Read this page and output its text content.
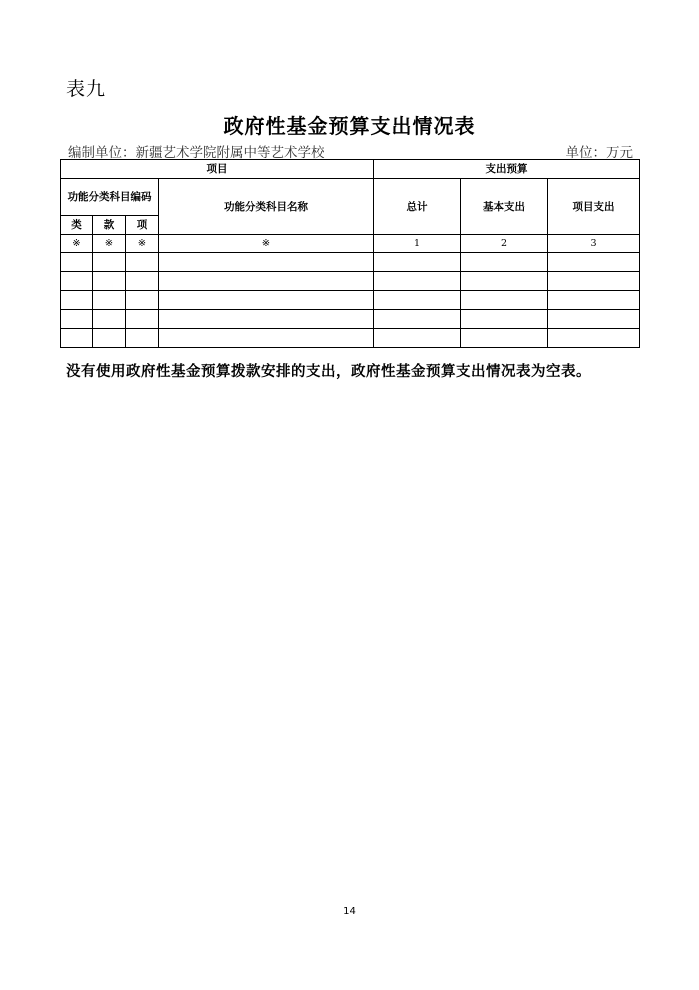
表九
政府性基金预算支出情况表
编制单位：新疆艺术学院附属中等艺术学校	单位：万元
项目				支出预算		
功能分类科目编码			功能分类科目名称	总计	基本支出	项目支出
类	款	项				
※	※	※	※	1	2	3

没有使用政府性基金预算拨款安排的支出，政府性基金预算支出情况表为空表。
14
